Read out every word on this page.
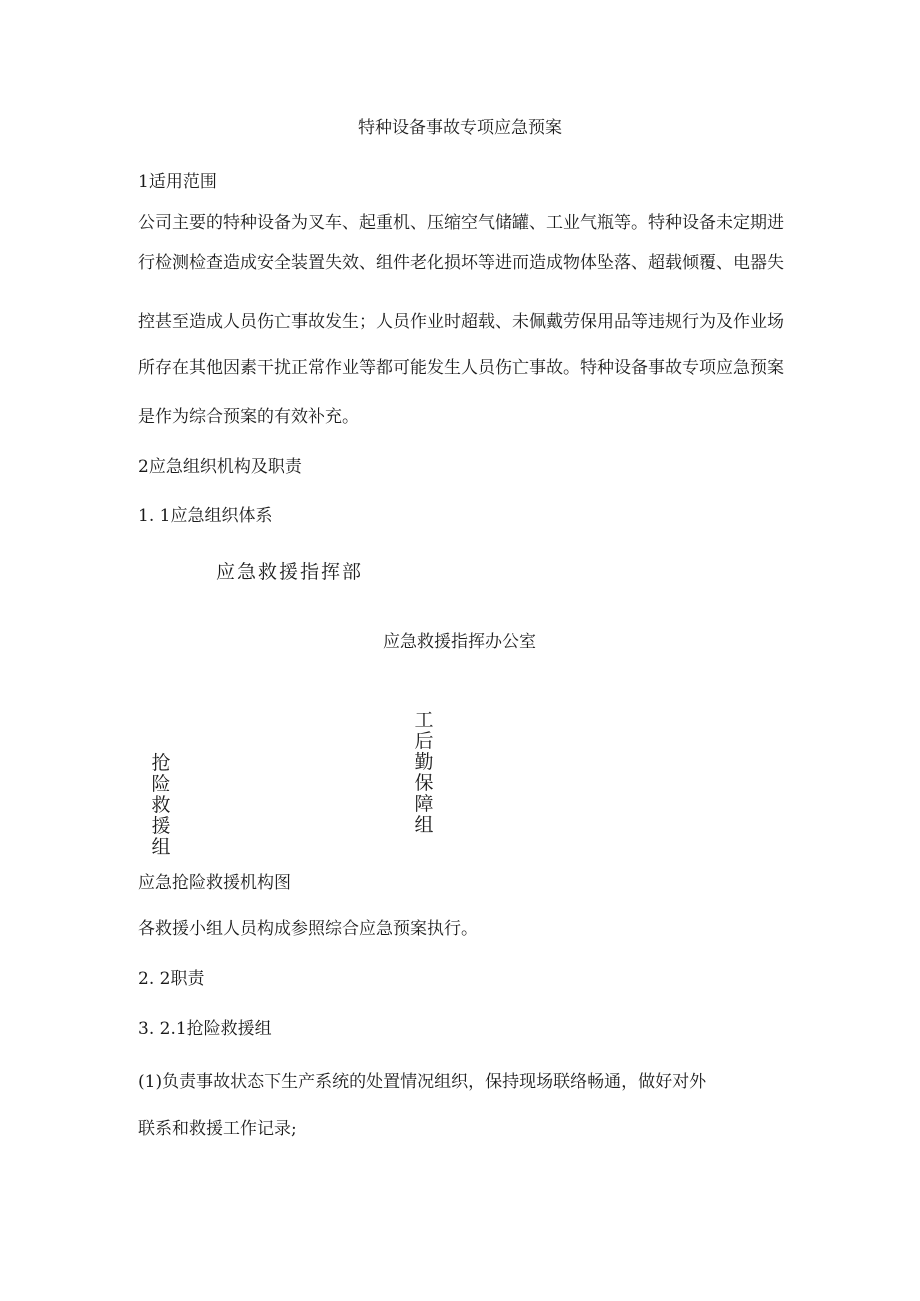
特种设备事故专项应急预案
1适用范围
公司主要的特种设备为叉车、起重机、压缩空气储罐、工业气瓶等。特种设备未定期进
行检测检查造成安全装置失效、组件老化损坏等进而造成物体坠落、超载倾覆、电器失
控甚至造成人员伤亡事故发生；人员作业时超载、未佩戴劳保用品等违规行为及作业场
所存在其他因素干扰正常作业等都可能发生人员伤亡事故。特种设备事故专项应急预案
是作为综合预案的有效补充。
2应急组织机构及职责
1. 1应急组织体系
应急救援指挥部
应急救援指挥办公室
抢险救援组
工后勤保障组
应急抢险救援机构图
各救援小组人员构成参照综合应急预案执行。
2. 2职责
3. 2.1抢险救援组
(1)负责事故状态下生产系统的处置情况组织，保持现场联络畅通，做好对外
联系和救援工作记录;
